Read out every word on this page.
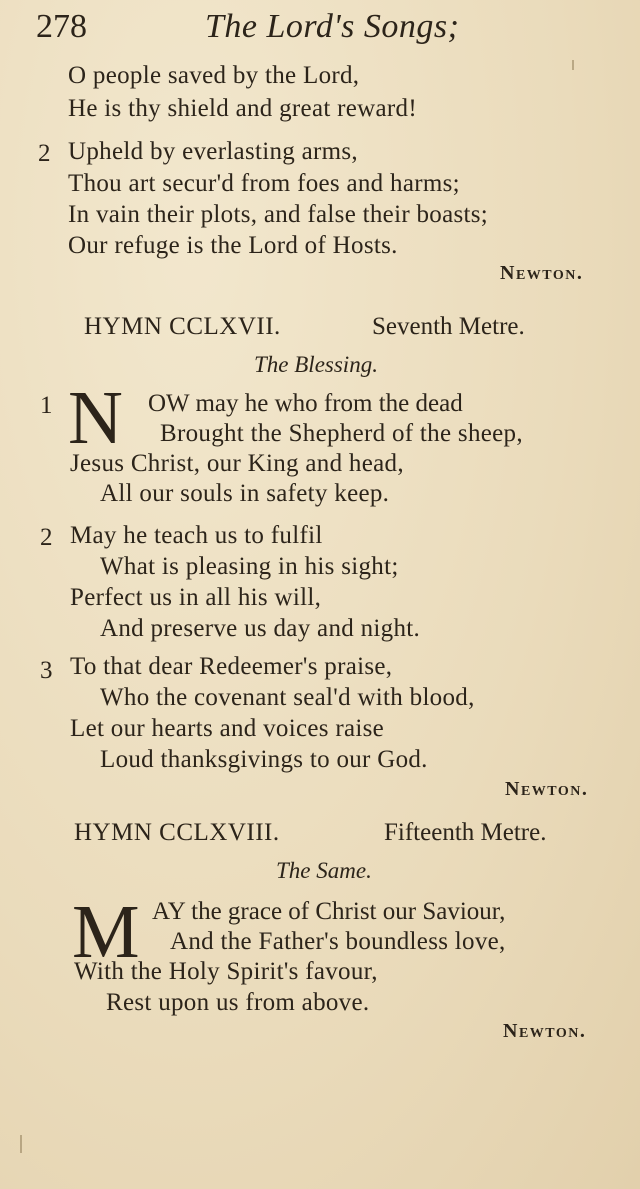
278	The Lord's Songs;
O people saved by the Lord,
He is thy shield and great reward!
2 Upheld by everlasting arms,
Thou art secur'd from foes and harms;
In vain their plots, and false their boasts;
Our refuge is the Lord of Hosts.
Newton.
HYMN CCLXVII.	Seventh Metre.
The Blessing.
1 N OW may he who from the dead
Brought the Shepherd of the sheep,
Jesus Christ, our King and head,
All our souls in safety keep.
2 May he teach us to fulfil
What is pleasing in his sight;
Perfect us in all his will,
And preserve us day and night.
3 To that dear Redeemer's praise,
Who the covenant seal'd with blood,
Let our hearts and voices raise
Loud thanksgivings to our God.
Newton.
HYMN CCLXVIII.	Fifteenth Metre.
The Same.
M AY the grace of Christ our Saviour,
And the Father's boundless love,
With the Holy Spirit's favour,
Rest upon us from above.
Newton.
